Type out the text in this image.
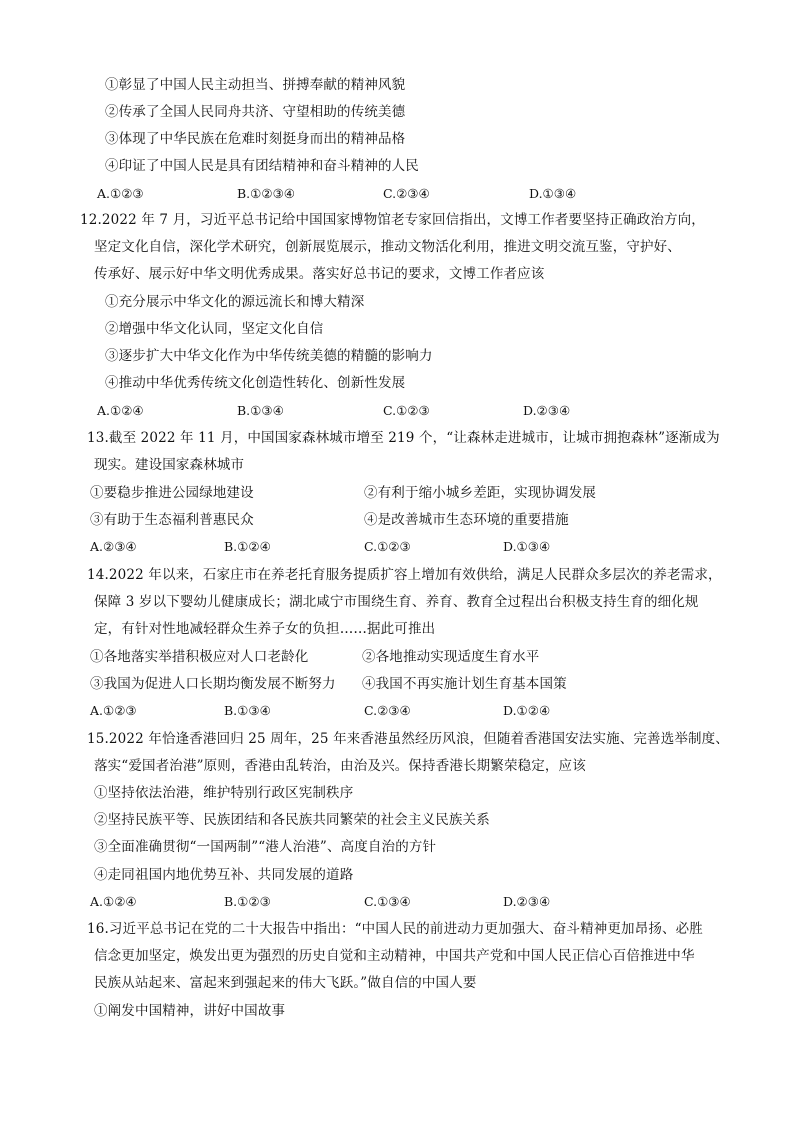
①彰显了中国人民主动担当、拼搏奉献的精神风貌
②传承了全国人民同舟共济、守望相助的传统美德
③体现了中华民族在危难时刻挺身而出的精神品格
④印证了中国人民是具有团结精神和奋斗精神的人民
A.①②③	B.①②③④	C.②③④	D.①③④
12.2022 年 7 月，习近平总书记给中国国家博物馆老专家回信指出，文博工作者要坚持正确政治方向，
坚定文化自信，深化学术研究，创新展览展示，推动文物活化利用，推进文明交流互鉴，守护好、
传承好、展示好中华文明优秀成果。落实好总书记的要求，文博工作者应该
①充分展示中华文化的源远流长和博大精深
②增强中华文化认同，坚定文化自信
③逐步扩大中华文化作为中华传统美德的精髓的影响力
④推动中华优秀传统文化创造性转化、创新性发展
A.①②④	B.①③④	C.①②③	D.②③④
13.截至 2022 年 11 月，中国国家森林城市增至 219 个，“让森林走进城市，让城市拥抱森林”逐渐成为
现实。建设国家森林城市
①要稳步推进公园绿地建设	②有利于缩小城乡差距，实现协调发展
③有助于生态福利普惠民众	④是改善城市生态环境的重要措施
A.②③④	B.①②④	C.①②③	D.①③④
14.2022 年以来，石家庄市在养老托育服务提质扩容上增加有效供给，满足人民群众多层次的养老需求，
保障 3 岁以下婴幼儿健康成长；湖北咸宁市围绕生育、养育、教育全过程出台积极支持生育的细化规
定，有针对性地减轻群众生养子女的负担……据此可推出
①各地落实举措积极应对人口老龄化	②各地推动实现适度生育水平
③我国为促进人口长期均衡发展不断努力 ④我国不再实施计划生育基本国策
A.①②③	B.①③④	C.②③④	D.①②④
15.2022 年恰逢香港回归 25 周年，25 年来香港虽然经历风浪，但随着香港国安法实施、完善选举制度、
落实“爱国者治港”原则，香港由乱转治，由治及兴。保持香港长期繁荣稳定，应该
①坚持依法治港，维护特别行政区宪制秩序
②坚持民族平等、民族团结和各民族共同繁荣的社会主义民族关系
③全面准确贯彻“一国两制”“港人治港”、高度自治的方针
④走同祖国内地优势互补、共同发展的道路
A.①②④	B.①②③	C.①③④	D.②③④
16.习近平总书记在党的二十大报告中指出：“中国人民的前进动力更加强大、奋斗精神更加昂扬、必胜
信念更加坚定，焕发出更为强烈的历史自觉和主动精神，中国共产党和中国人民正信心百倍推进中华
民族从站起来、富起来到强起来的伟大飞跃。”做自信的中国人要
①阐发中国精神，讲好中国故事
